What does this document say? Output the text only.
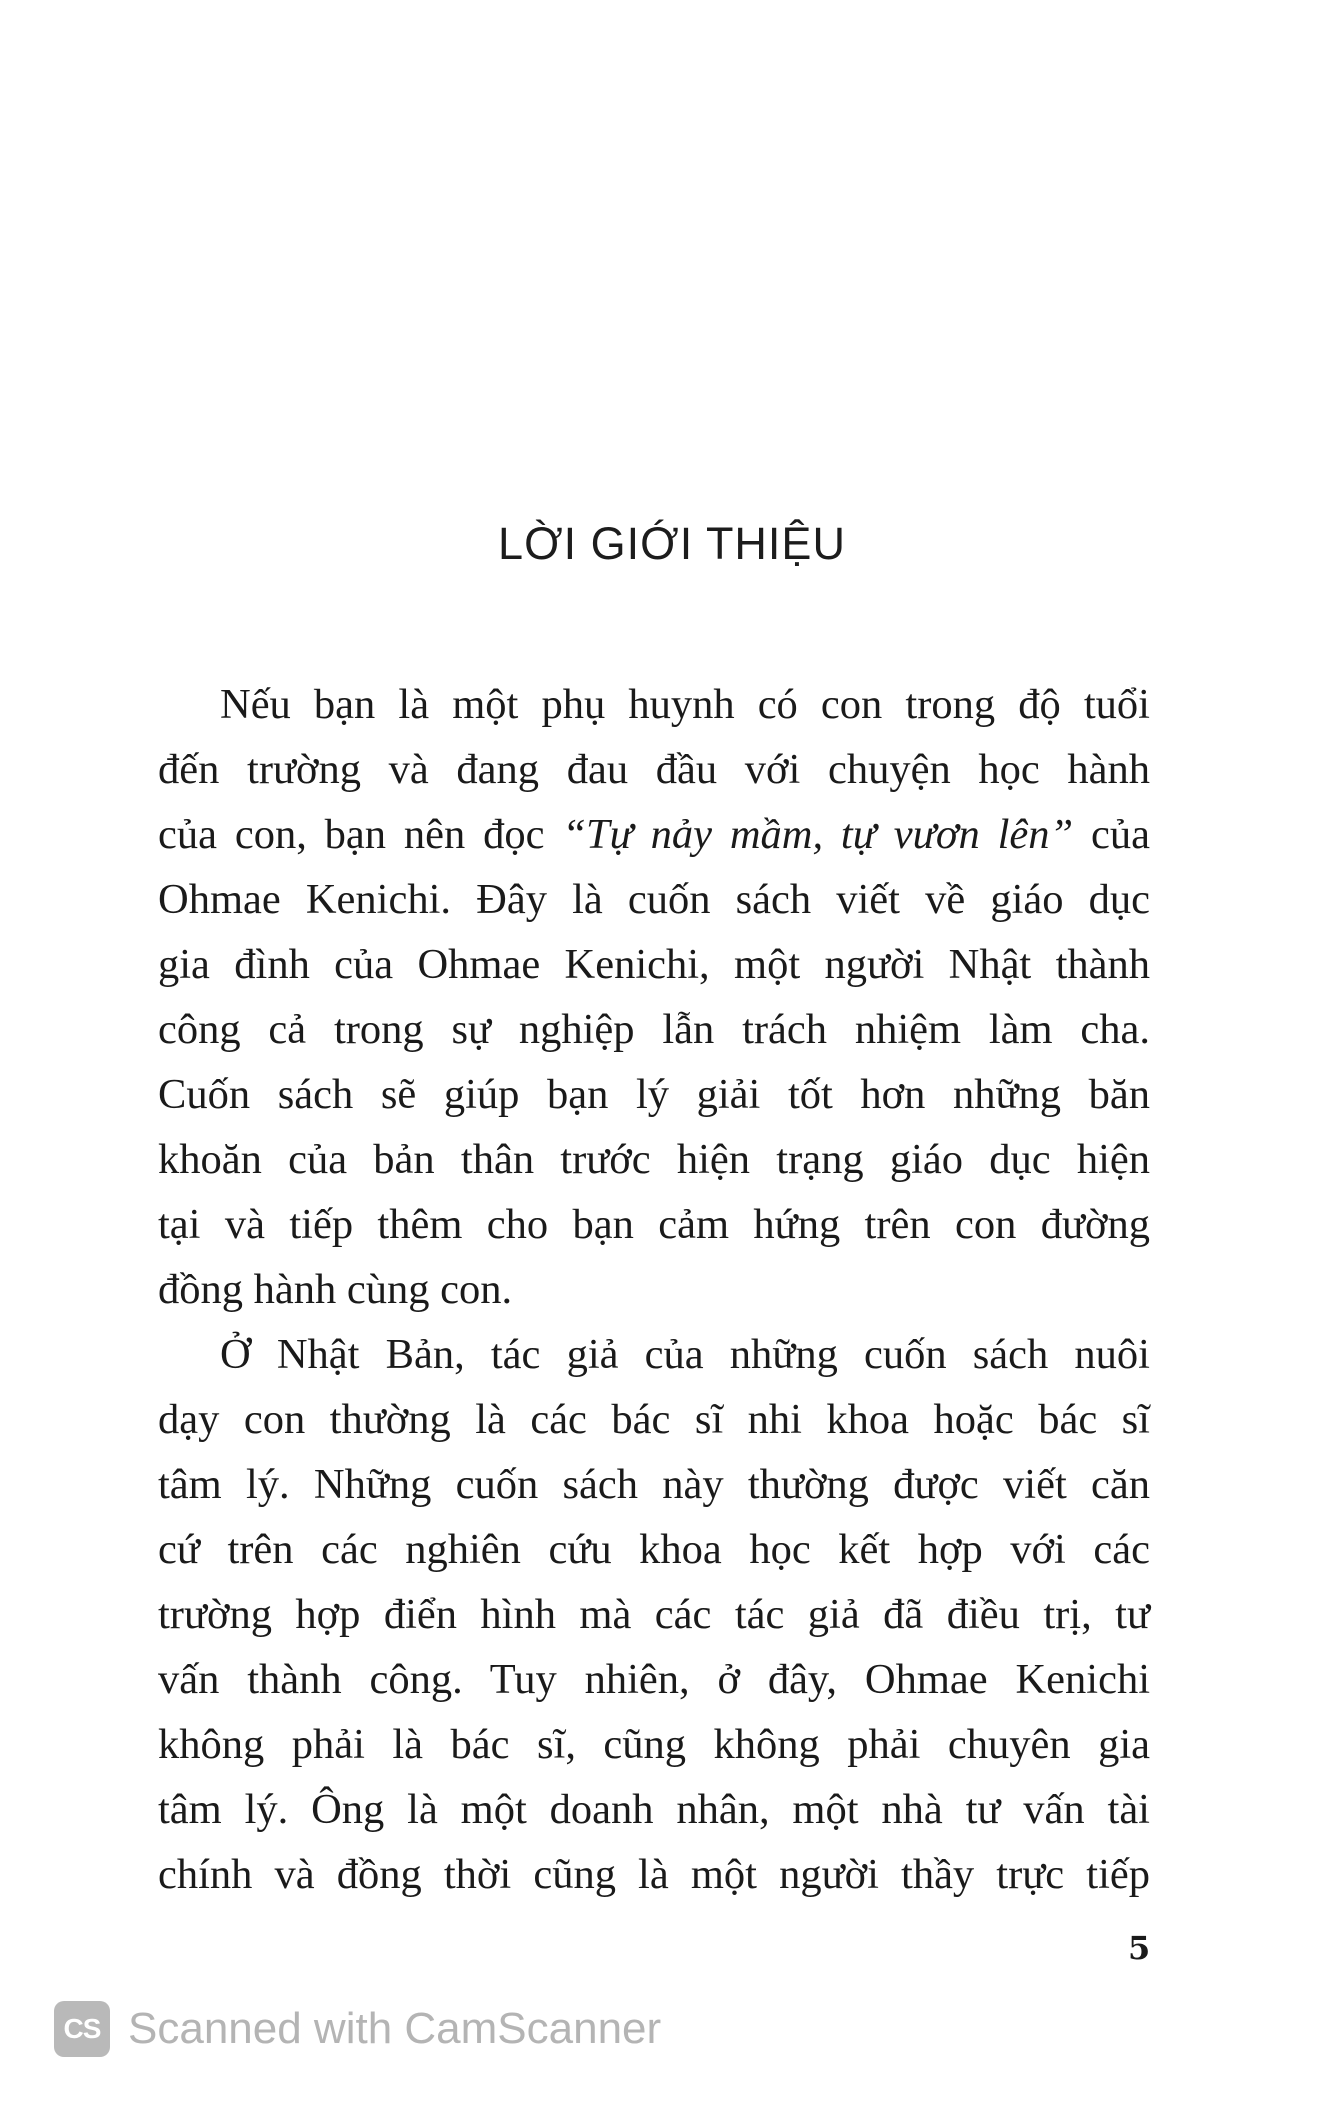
LỜI GIỚI THIỆU
Nếu bạn là một phụ huynh có con trong độ tuổi
đến trường và đang đau đầu với chuyện học hành
của con, bạn nên đọc “Tự nảy mầm, tự vươn lên” của
Ohmae Kenichi. Đây là cuốn sách viết về giáo dục
gia đình của Ohmae Kenichi, một người Nhật thành
công cả trong sự nghiệp lẫn trách nhiệm làm cha.
Cuốn sách sẽ giúp bạn lý giải tốt hơn những băn
khoăn của bản thân trước hiện trạng giáo dục hiện
tại và tiếp thêm cho bạn cảm hứng trên con đường
đồng hành cùng con.
Ở Nhật Bản, tác giả của những cuốn sách nuôi
dạy con thường là các bác sĩ nhi khoa hoặc bác sĩ
tâm lý. Những cuốn sách này thường được viết căn
cứ trên các nghiên cứu khoa học kết hợp với các
trường hợp điển hình mà các tác giả đã điều trị, tư
vấn thành công. Tuy nhiên, ở đây, Ohmae Kenichi
không phải là bác sĩ, cũng không phải chuyên gia
tâm lý. Ông là một doanh nhân, một nhà tư vấn tài
chính và đồng thời cũng là một người thầy trực tiếp
5
CS Scanned with CamScanner
